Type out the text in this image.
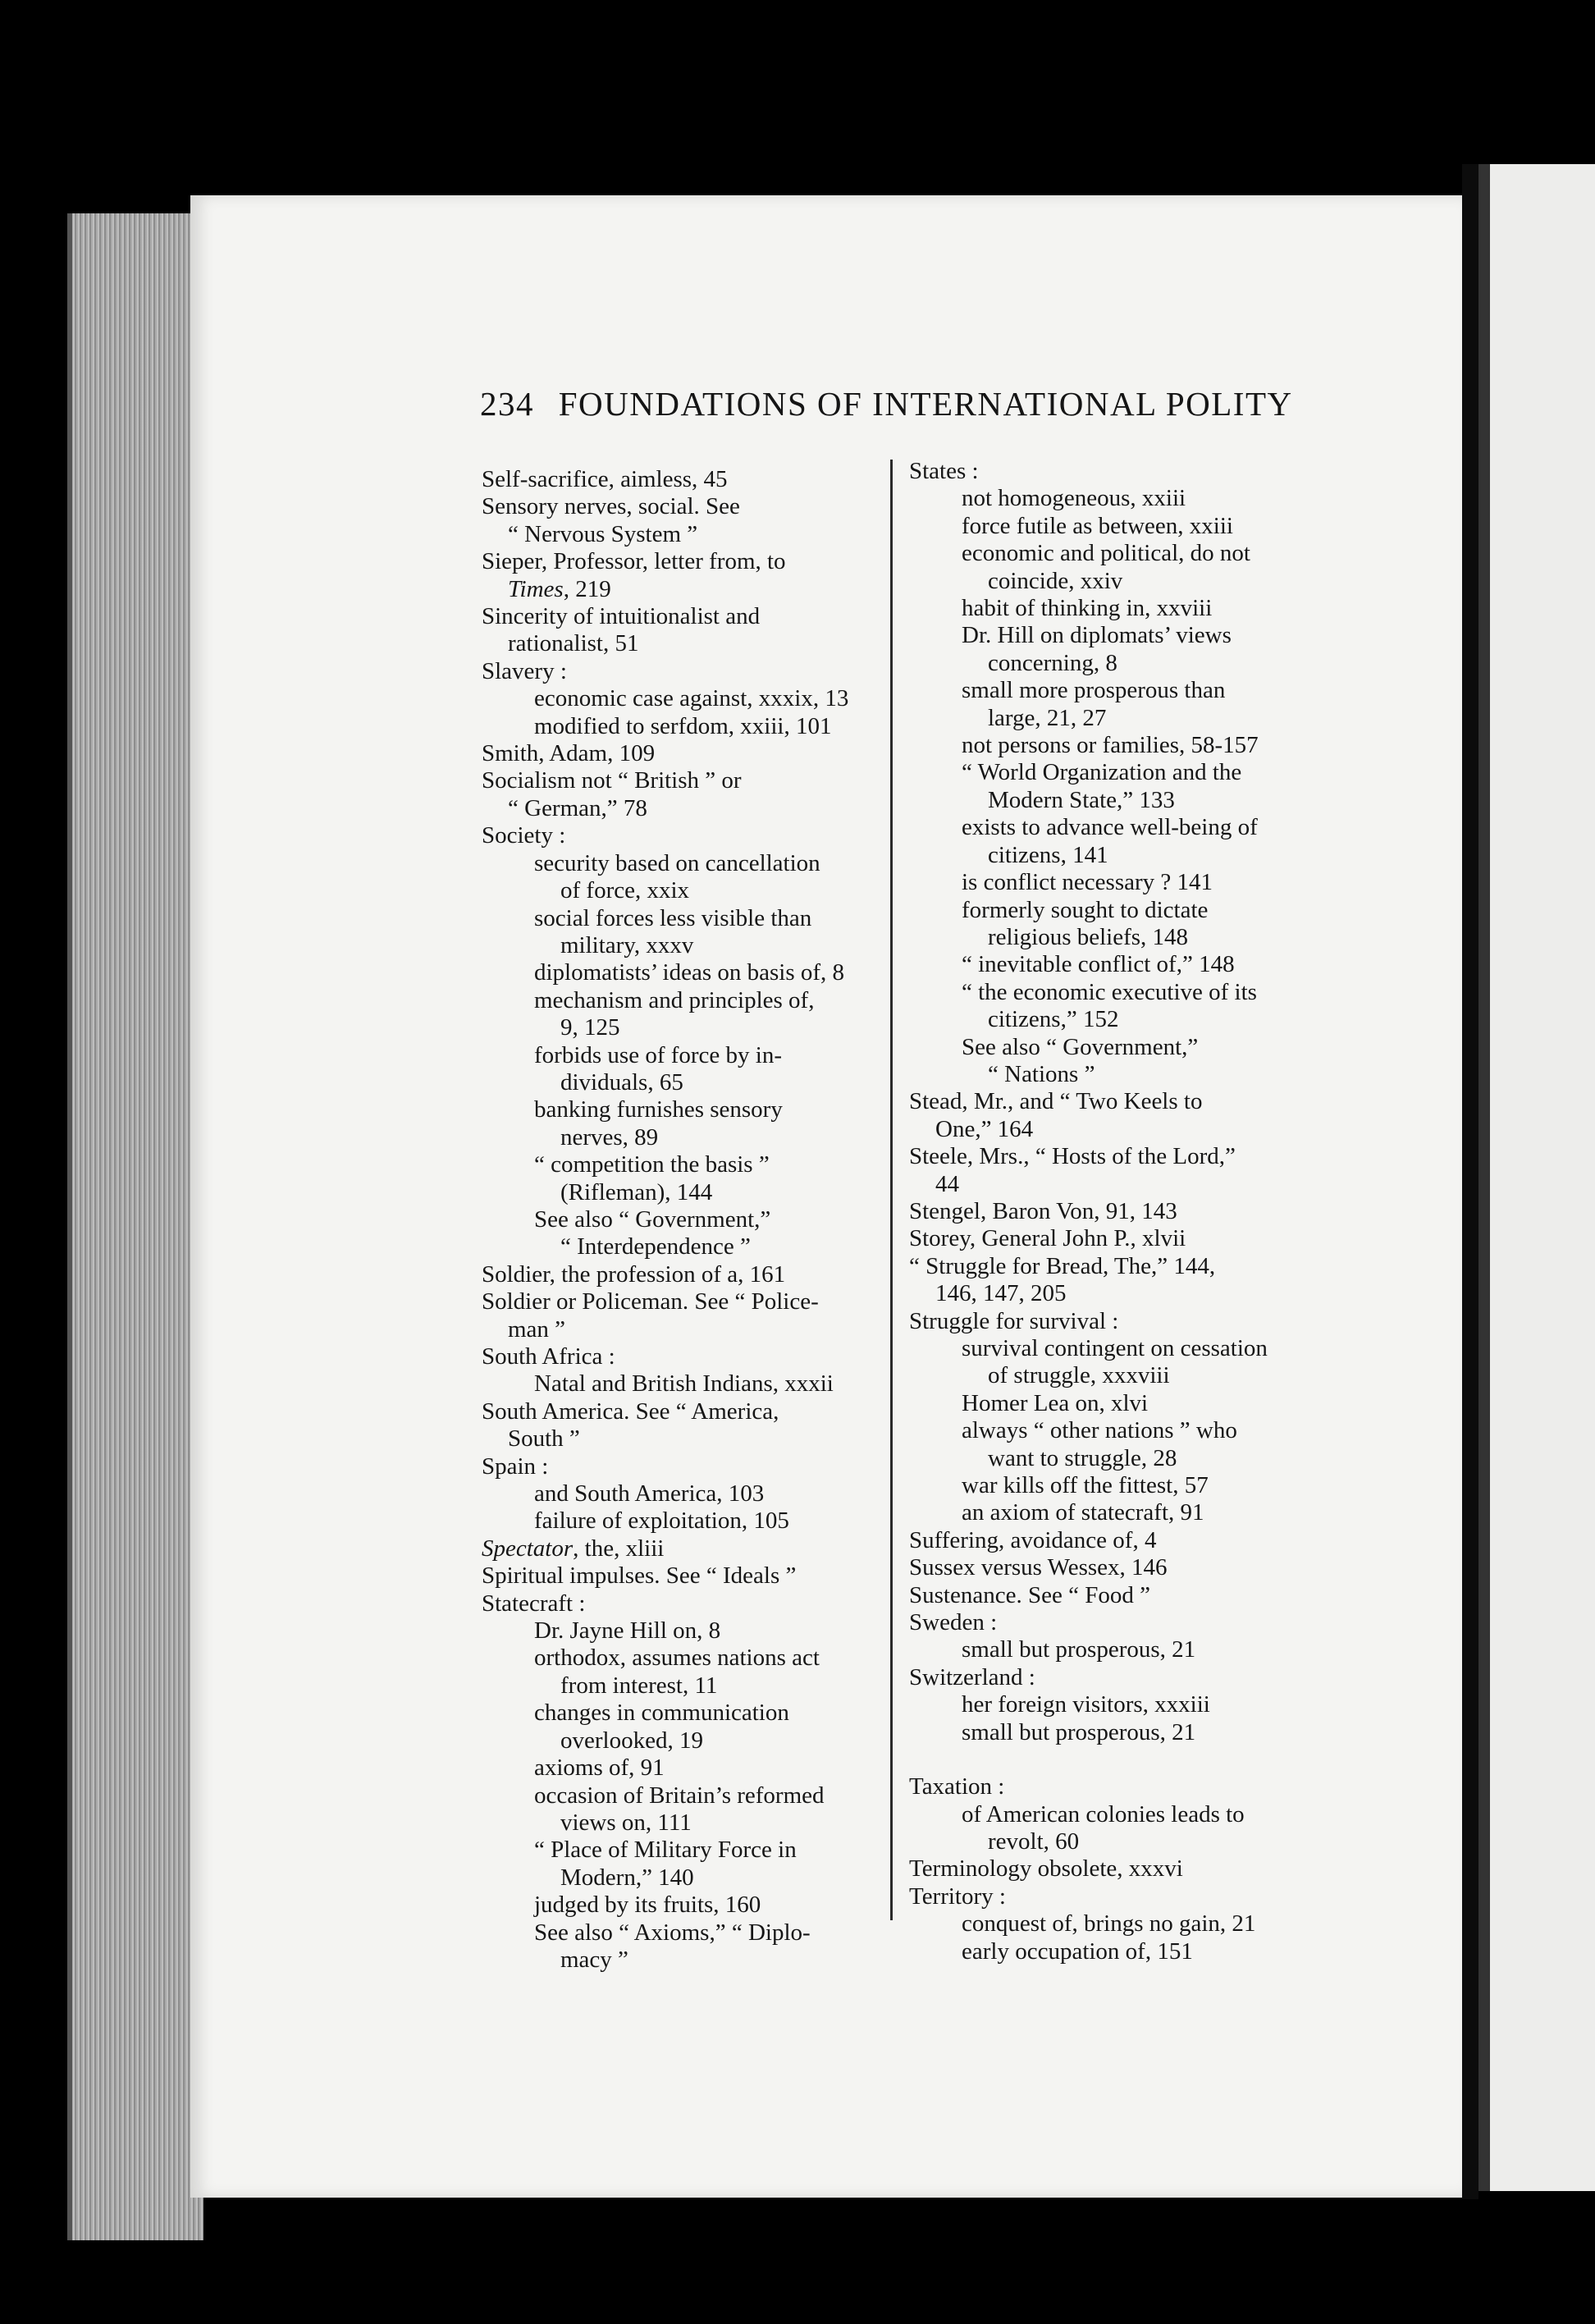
234 FOUNDATIONS OF INTERNATIONAL POLITY
Self-sacrifice, aimless, 45
Sensory nerves, social. See
“ Nervous System ”
Sieper, Professor, letter from, to
Times, 219
Sincerity of intuitionalist and
rationalist, 51
Slavery :
economic case against, xxxix, 13
modified to serfdom, xxiii, 101
Smith, Adam, 109
Socialism not “ British ” or
“ German,” 78
Society :
security based on cancellation
of force, xxix
social forces less visible than
military, xxxv
diplomatists’ ideas on basis of, 8
mechanism and principles of,
9, 125
forbids use of force by in-
dividuals, 65
banking furnishes sensory
nerves, 89
“ competition the basis ”
(Rifleman), 144
See also “ Government,”
“ Interdependence ”
Soldier, the profession of a, 161
Soldier or Policeman. See “ Police-
man ”
South Africa :
Natal and British Indians, xxxii
South America. See “ America,
South ”
Spain :
and South America, 103
failure of exploitation, 105
Spectator, the, xliii
Spiritual impulses. See “ Ideals ”
Statecraft :
Dr. Jayne Hill on, 8
orthodox, assumes nations act
from interest, 11
changes in communication
overlooked, 19
axioms of, 91
occasion of Britain’s reformed
views on, 111
“ Place of Military Force in
Modern,” 140
judged by its fruits, 160
See also “ Axioms,” “ Diplo-
macy ”
States :
not homogeneous, xxiii
force futile as between, xxiii
economic and political, do not
coincide, xxiv
habit of thinking in, xxviii
Dr. Hill on diplomats’ views
concerning, 8
small more prosperous than
large, 21, 27
not persons or families, 58-157
“ World Organization and the
Modern State,” 133
exists to advance well-being of
citizens, 141
is conflict necessary ? 141
formerly sought to dictate
religious beliefs, 148
“ inevitable conflict of,” 148
“ the economic executive of its
citizens,” 152
See also “ Government,”
“ Nations ”
Stead, Mr., and “ Two Keels to
One,” 164
Steele, Mrs., “ Hosts of the Lord,”
44
Stengel, Baron Von, 91, 143
Storey, General John P., xlvii
“ Struggle for Bread, The,” 144,
146, 147, 205
Struggle for survival :
survival contingent on cessation
of struggle, xxxviii
Homer Lea on, xlvi
always “ other nations ” who
want to struggle, 28
war kills off the fittest, 57
an axiom of statecraft, 91
Suffering, avoidance of, 4
Sussex versus Wessex, 146
Sustenance. See “ Food ”
Sweden :
small but prosperous, 21
Switzerland :
her foreign visitors, xxxiii
small but prosperous, 21
Taxation :
of American colonies leads to
revolt, 60
Terminology obsolete, xxxvi
Territory :
conquest of, brings no gain, 21
early occupation of, 151
